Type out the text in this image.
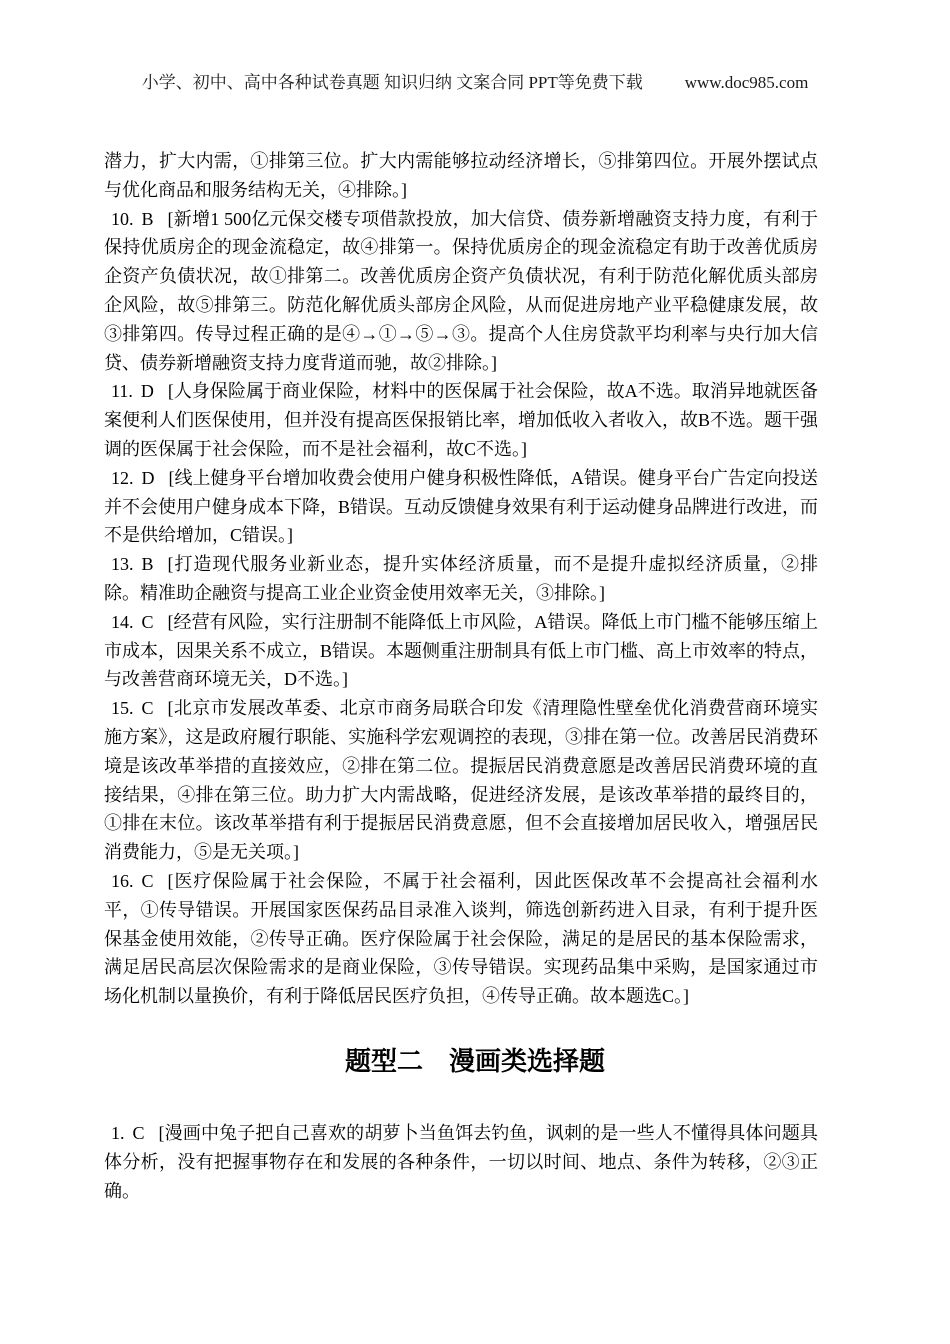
小学、初中、高中各种试卷真题 知识归纳 文案合同 PPT等免费下载 www.doc985.com

潜力，扩大内需，①排第三位。扩大内需能够拉动经济增长，⑤排第四位。开展外摆试点与优化商品和服务结构无关，④排除。]

10. B [新增1 500亿元保交楼专项借款投放，加大信贷、债券新增融资支持力度，有利于保持优质房企的现金流稳定，故④排第一。保持优质房企的现金流稳定有助于改善优质房企资产负债状况，故①排第二。改善优质房企资产负债状况，有利于防范化解优质头部房企风险，故⑤排第三。防范化解优质头部房企风险，从而促进房地产业平稳健康发展，故③排第四。传导过程正确的是④→①→⑤→③。提高个人住房贷款平均利率与央行加大信贷、债券新增融资支持力度背道而驰，故②排除。]

11. D [人身保险属于商业保险，材料中的医保属于社会保险，故A不选。取消异地就医备案便利人们医保使用，但并没有提高医保报销比率，增加低收入者收入，故B不选。题干强调的医保属于社会保险，而不是社会福利，故C不选。]

12. D [线上健身平台增加收费会使用户健身积极性降低，A错误。健身平台广告定向投送并不会使用户健身成本下降，B错误。互动反馈健身效果有利于运动健身品牌进行改进，而不是供给增加，C错误。]

13. B [打造现代服务业新业态，提升实体经济质量，而不是提升虚拟经济质量，②排除。精准助企融资与提高工业企业资金使用效率无关，③排除。]

14. C [经营有风险，实行注册制不能降低上市风险，A错误。降低上市门槛不能够压缩上市成本，因果关系不成立，B错误。本题侧重注册制具有低上市门槛、高上市效率的特点，与改善营商环境无关，D不选。]

15. C [北京市发展改革委、北京市商务局联合印发《清理隐性壁垒优化消费营商环境实施方案》，这是政府履行职能、实施科学宏观调控的表现，③排在第一位。改善居民消费环境是该改革举措的直接效应，②排在第二位。提振居民消费意愿是改善居民消费环境的直接结果，④排在第三位。助力扩大内需战略，促进经济发展，是该改革举措的最终目的，①排在末位。该改革举措有利于提振居民消费意愿，但不会直接增加居民收入，增强居民消费能力，⑤是无关项。]

16. C [医疗保险属于社会保险，不属于社会福利，因此医保改革不会提高社会福利水平，①传导错误。开展国家医保药品目录准入谈判，筛选创新药进入目录，有利于提升医保基金使用效能，②传导正确。医疗保险属于社会保险，满足的是居民的基本保险需求，满足居民高层次保险需求的是商业保险，③传导错误。实现药品集中采购，是国家通过市场化机制以量换价，有利于降低居民医疗负担，④传导正确。故本题选C。]

题型二　漫画类选择题

1. C [漫画中兔子把自己喜欢的胡萝卜当鱼饵去钓鱼，讽刺的是一些人不懂得具体问题具体分析，没有把握事物存在和发展的各种条件，一切以时间、地点、条件为转移，②③正确。
